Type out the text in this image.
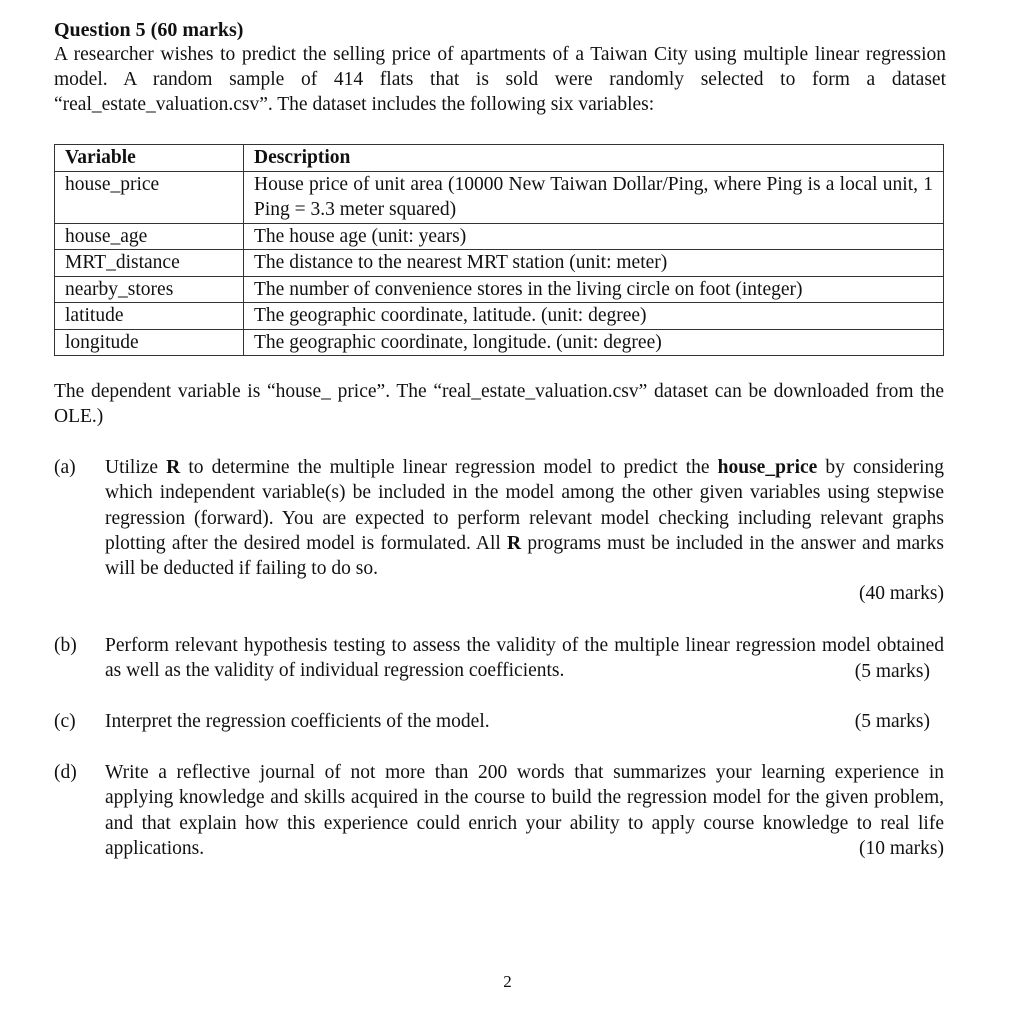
Question 5 (60 marks)

A researcher wishes to predict the selling price of apartments of a Taiwan City using multiple linear regression model. A random sample of 414 flats that is sold were randomly selected to form a dataset “real_estate_valuation.csv”. The dataset includes the following six variables:

Variable	Description
house_price	House price of unit area (10000 New Taiwan Dollar/Ping, where Ping is a local unit, 1 Ping = 3.3 meter squared)
house_age	The house age (unit: years)
MRT_distance	The distance to the nearest MRT station (unit: meter)
nearby_stores	The number of convenience stores in the living circle on foot (integer)
latitude	The geographic coordinate, latitude. (unit: degree)
longitude	The geographic coordinate, longitude. (unit: degree)

The dependent variable is “house_ price”. The “real_estate_valuation.csv” dataset can be downloaded from the OLE.)

(a) Utilize R to determine the multiple linear regression model to predict the house_price by considering which independent variable(s) be included in the model among the other given variables using stepwise regression (forward). You are expected to perform relevant model checking including relevant graphs plotting after the desired model is formulated. All R programs must be included in the answer and marks will be deducted if failing to do so.
(40 marks)
(b) Perform relevant hypothesis testing to assess the validity of the multiple linear regression model obtained as well as the validity of individual regression coefficients.	(5 marks)
(c) Interpret the regression coefficients of the model.	(5 marks)
(d) Write a reflective journal of not more than 200 words that summarizes your learning experience in applying knowledge and skills acquired in the course to build the regression model for the given problem, and that explain how this experience could enrich your ability to apply course knowledge to real life applications.	(10 marks)
2
